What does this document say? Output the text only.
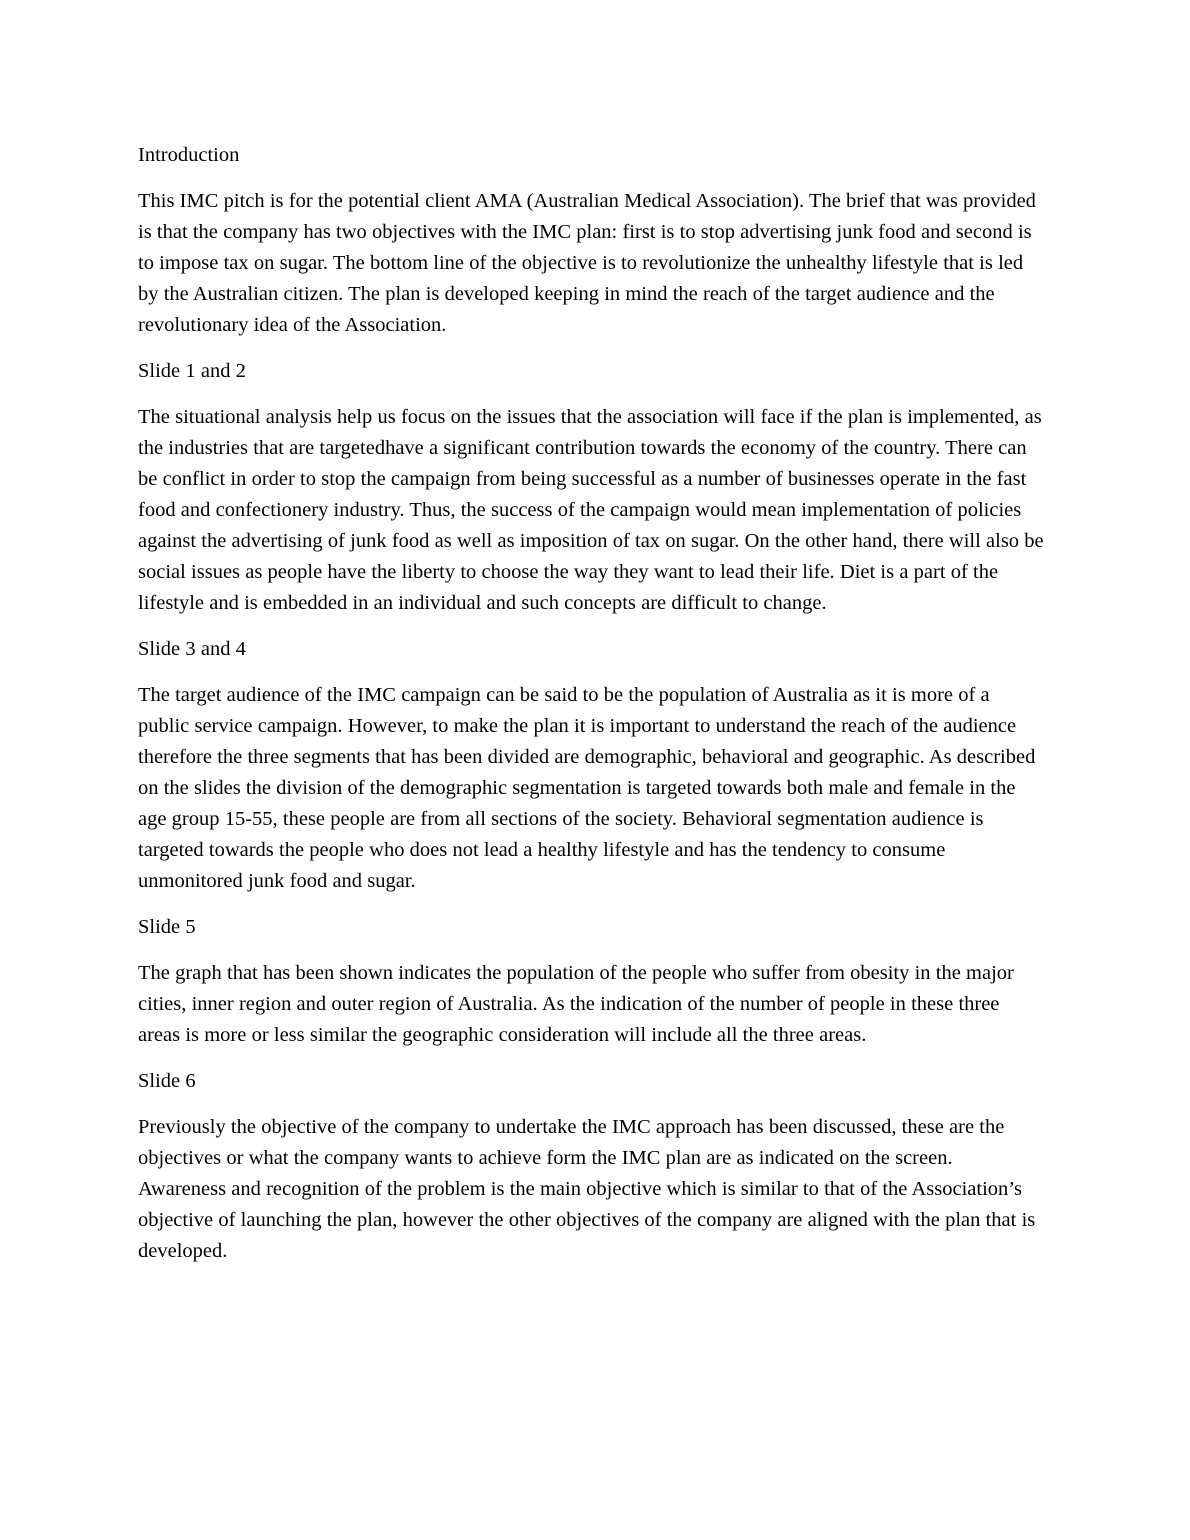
Introduction

This IMC pitch is for the potential client AMA (Australian Medical Association). The brief that was provided is that the company has two objectives with the IMC plan: first is to stop advertising junk food and second is to impose tax on sugar. The bottom line of the objective is to revolutionize the unhealthy lifestyle that is led by the Australian citizen. The plan is developed keeping in mind the reach of the target audience and the revolutionary idea of the Association.

Slide 1 and 2

The situational analysis help us focus on the issues that the association will face if the plan is implemented, as the industries that are targetedhave a significant contribution towards the economy of the country. There can be conflict in order to stop the campaign from being successful as a number of businesses operate in the fast food and confectionery industry. Thus, the success of the campaign would mean implementation of policies against the advertising of junk food as well as imposition of tax on sugar. On the other hand, there will also be social issues as people have the liberty to choose the way they want to lead their life. Diet is a part of the lifestyle and is embedded in an individual and such concepts are difficult to change.

Slide 3 and 4

The target audience of the IMC campaign can be said to be the population of Australia as it is more of a public service campaign. However, to make the plan it is important to understand the reach of the audience therefore the three segments that has been divided are demographic, behavioral and geographic. As described on the slides the division of the demographic segmentation is targeted towards both male and female in the age group 15-55, these people are from all sections of the society. Behavioral segmentation audience is targeted towards the people who does not lead a healthy lifestyle and has the tendency to consume unmonitored junk food and sugar.

Slide 5

The graph that has been shown indicates the population of the people who suffer from obesity in the major cities, inner region and outer region of Australia. As the indication of the number of people in these three areas is more or less similar the geographic consideration will include all the three areas.

Slide 6

Previously the objective of the company to undertake the IMC approach has been discussed, these are the objectives or what the company wants to achieve form the IMC plan are as indicated on the screen. Awareness and recognition of the problem is the main objective which is similar to that of the Association’s objective of launching the plan, however the other objectives of the company are aligned with the plan that is developed.
